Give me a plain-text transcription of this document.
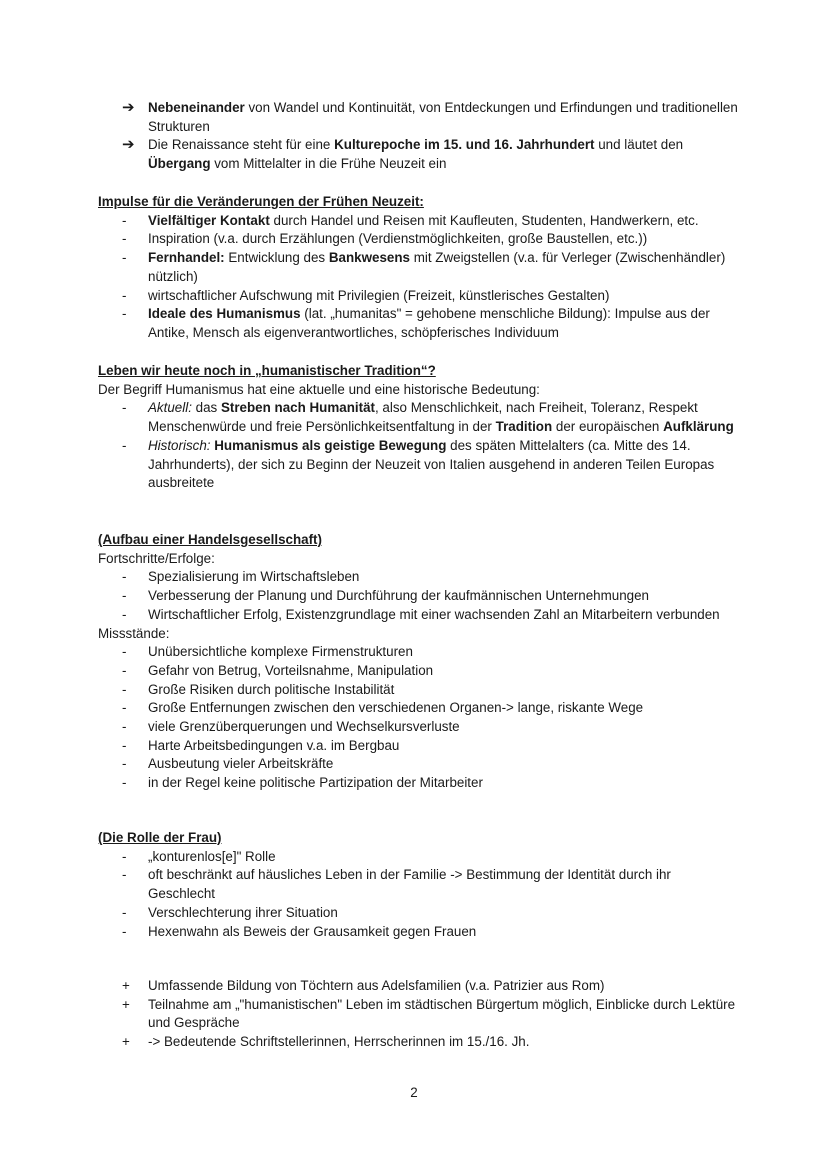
➔ Nebeneinander von Wandel und Kontinuität, von Entdeckungen und Erfindungen und traditionellen Strukturen
➔ Die Renaissance steht für eine Kulturepoche im 15. und 16. Jahrhundert und läutet den Übergang vom Mittelalter in die Frühe Neuzeit ein
Impulse für die Veränderungen der Frühen Neuzeit:
- Vielfältiger Kontakt durch Handel und Reisen mit Kaufleuten, Studenten, Handwerkern, etc.
- Inspiration (v.a. durch Erzählungen (Verdienstmöglichkeiten, große Baustellen, etc.))
- Fernhandel: Entwicklung des Bankwesens mit Zweigstellen (v.a. für Verleger (Zwischenhändler) nützlich)
- wirtschaftlicher Aufschwung mit Privilegien (Freizeit, künstlerisches Gestalten)
- Ideale des Humanismus (lat. „humanitas" = gehobene menschliche Bildung): Impulse aus der Antike, Mensch als eigenverantwortliches, schöpferisches Individuum
Leben wir heute noch in „humanistischer Tradition“?
Der Begriff Humanismus hat eine aktuelle und eine historische Bedeutung:
- Aktuell: das Streben nach Humanität, also Menschlichkeit, nach Freiheit, Toleranz, Respekt Menschenwürde und freie Persönlichkeitsentfaltung in der Tradition der europäischen Aufklärung
- Historisch: Humanismus als geistige Bewegung des späten Mittelalters (ca. Mitte des 14. Jahrhunderts), der sich zu Beginn der Neuzeit von Italien ausgehend in anderen Teilen Europas ausbreitete
(Aufbau einer Handelsgesellschaft)
Fortschritte/Erfolge:
- Spezialisierung im Wirtschaftsleben
- Verbesserung der Planung und Durchführung der kaufmännischen Unternehmungen
- Wirtschaftlicher Erfolg, Existenzgrundlage mit einer wachsenden Zahl an Mitarbeitern verbunden
Missstände:
- Unübersichtliche komplexe Firmenstrukturen
- Gefahr von Betrug, Vorteilsnahme, Manipulation
- Große Risiken durch politische Instabilität
- Große Entfernungen zwischen den verschiedenen Organen-> lange, riskante Wege
- viele Grenzüberquerungen und Wechselkursverluste
- Harte Arbeitsbedingungen v.a. im Bergbau
- Ausbeutung vieler Arbeitskräfte
- in der Regel keine politische Partizipation der Mitarbeiter
(Die Rolle der Frau)
- „konturenlos[e]" Rolle
- oft beschränkt auf häusliches Leben in der Familie -> Bestimmung der Identität durch ihr Geschlecht
- Verschlechterung ihrer Situation
- Hexenwahn als Beweis der Grausamkeit gegen Frauen
+ Umfassende Bildung von Töchtern aus Adelsfamilien (v.a. Patrizier aus Rom)
+ Teilnahme am „"humanistischen" Leben im städtischen Bürgertum möglich, Einblicke durch Lektüre und Gespräche
+ -> Bedeutende Schriftstellerinnen, Herrscherinnen im 15./16. Jh.
2
